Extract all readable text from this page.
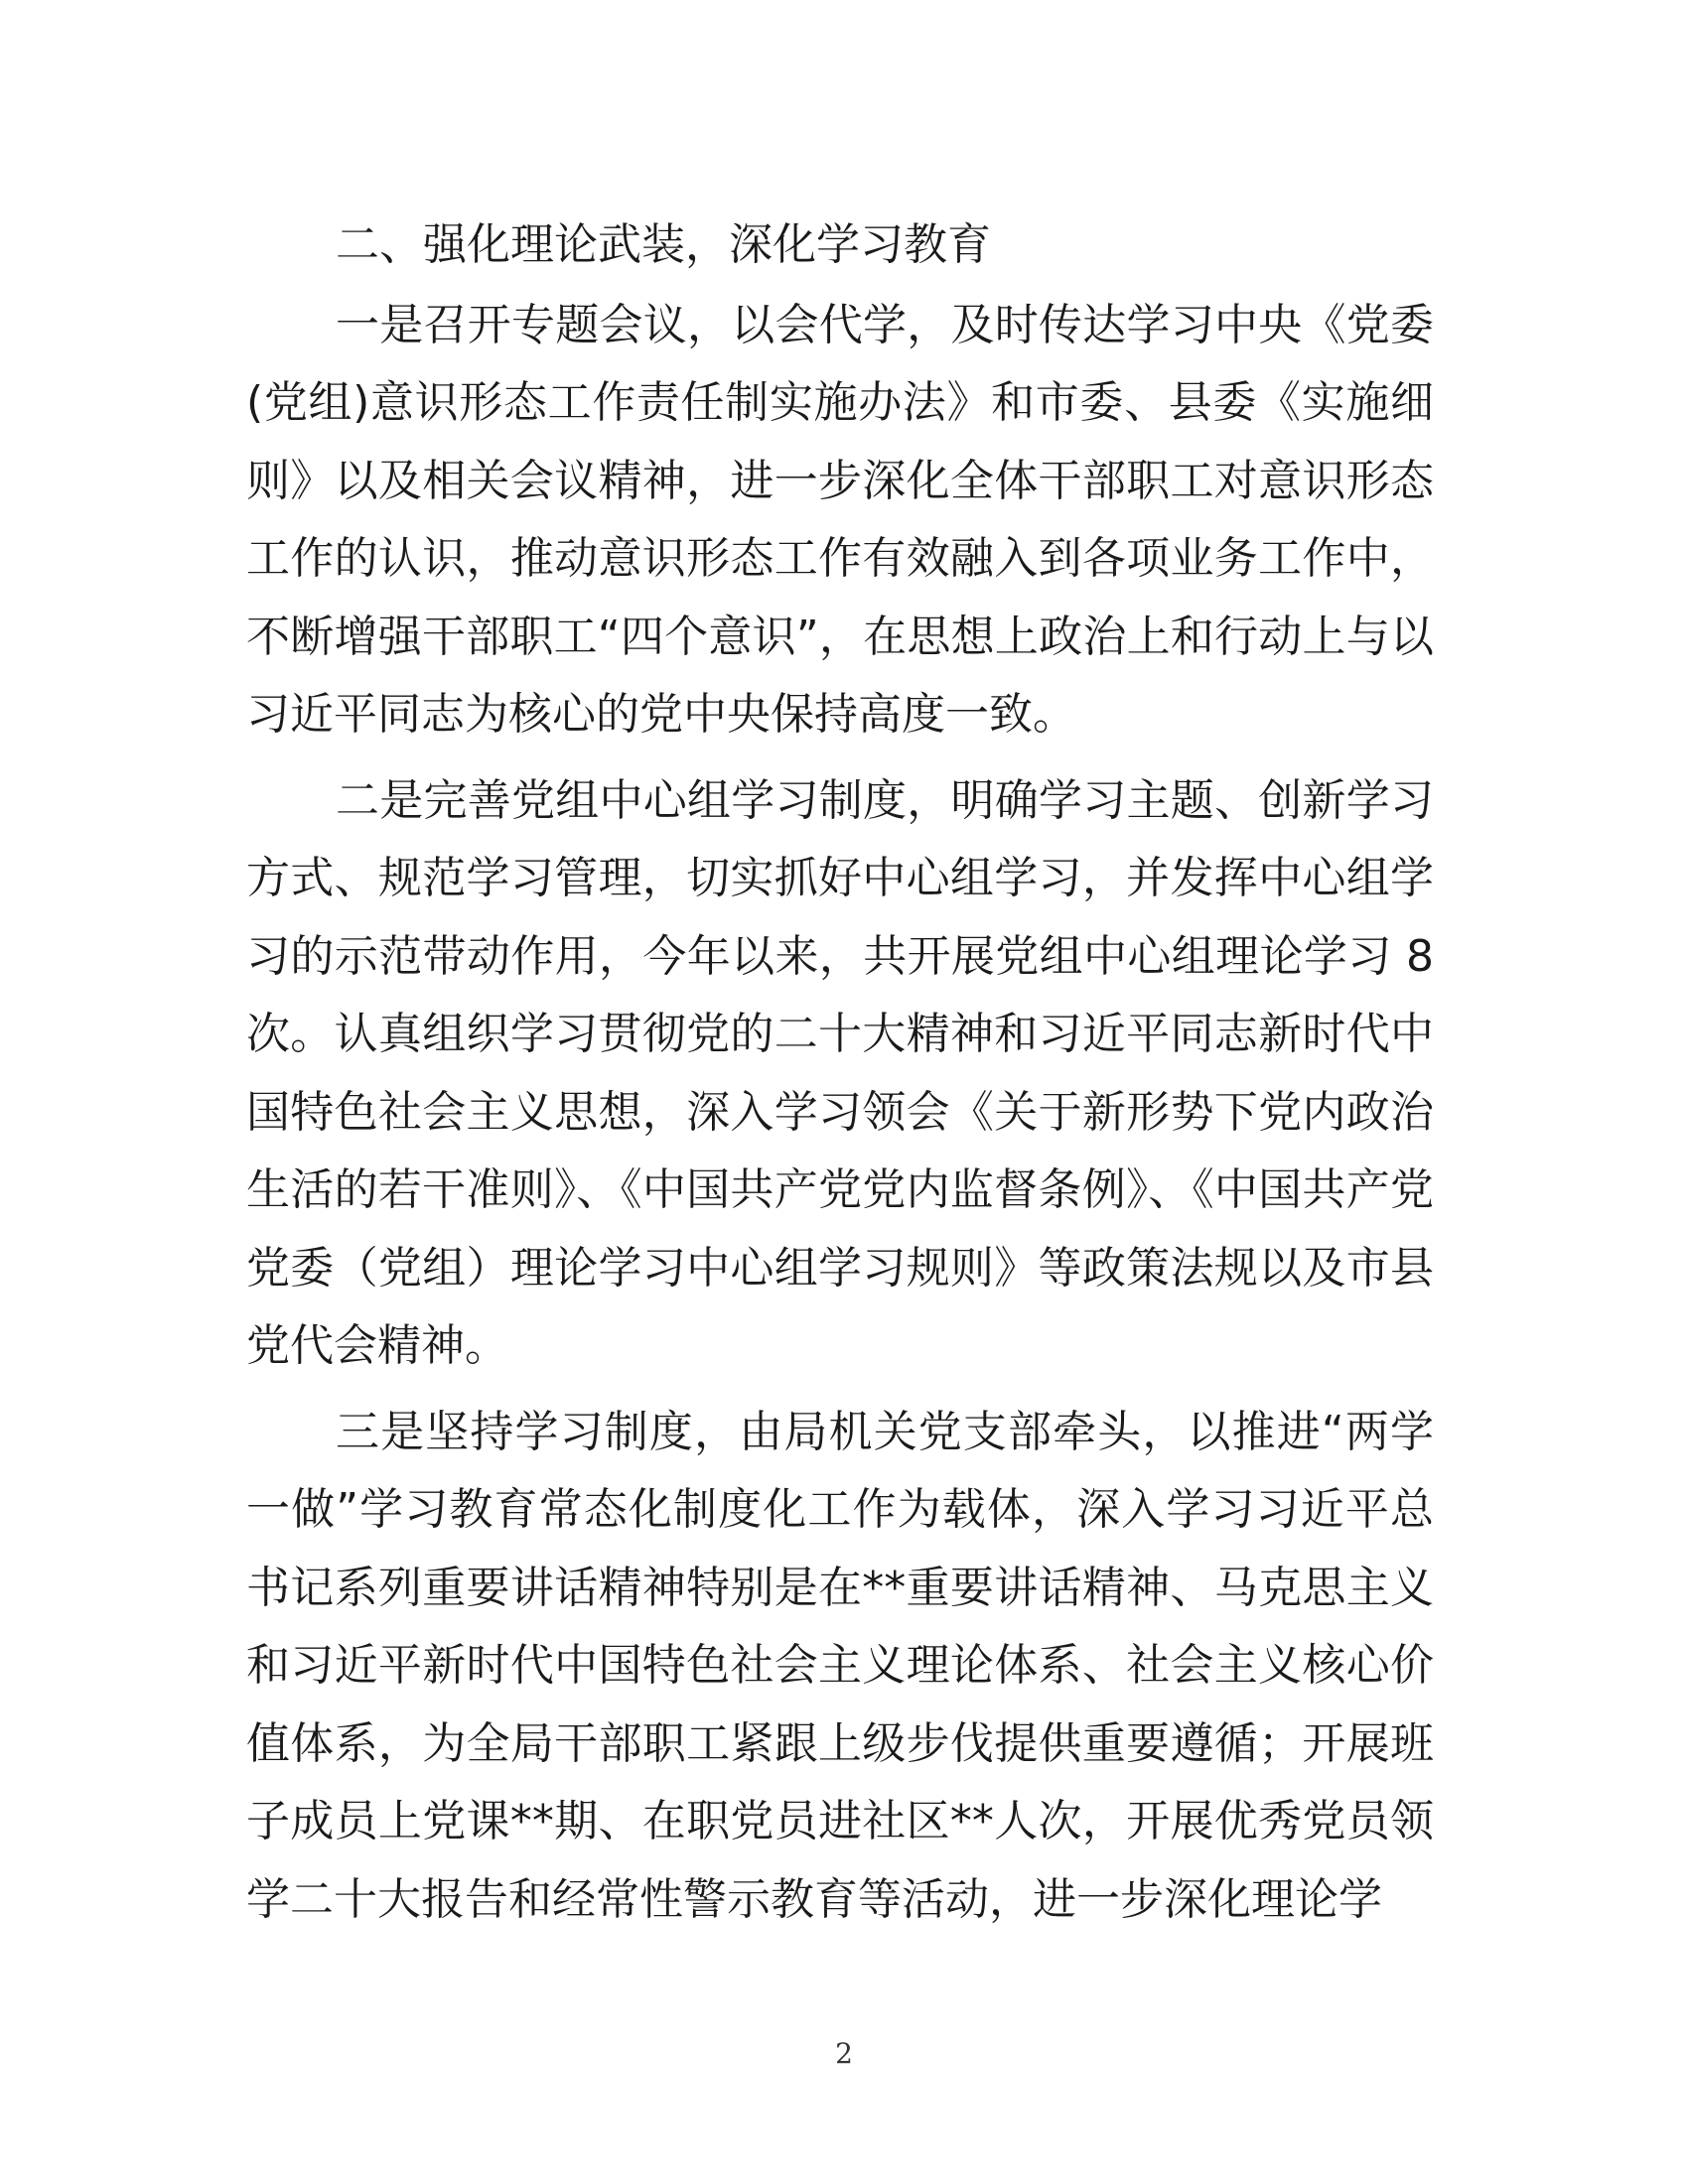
二、强化理论武装，深化学习教育

一是召开专题会议，以会代学，及时传达学习中央《党委(党组)意识形态工作责任制实施办法》和市委、县委《实施细则》以及相关会议精神，进一步深化全体干部职工对意识形态工作的认识，推动意识形态工作有效融入到各项业务工作中，不断增强干部职工“四个意识”，在思想上政治上和行动上与以习近平同志为核心的党中央保持高度一致。

二是完善党组中心组学习制度，明确学习主题、创新学习方式、规范学习管理，切实抓好中心组学习，并发挥中心组学习的示范带动作用，今年以来，共开展党组中心组理论学习 8 次。认真组织学习贯彻党的二十大精神和习近平同志新时代中国特色社会主义思想，深入学习领会《关于新形势下党内政治生活的若干准则》、《中国共产党党内监督条例》、《中国共产党党委（党组）理论学习中心组学习规则》等政策法规以及市县党代会精神。

三是坚持学习制度，由局机关党支部牵头，以推进“两学一做”学习教育常态化制度化工作为载体，深入学习习近平总书记系列重要讲话精神特别是在**重要讲话精神、马克思主义和习近平新时代中国特色社会主义理论体系、社会主义核心价值体系，为全局干部职工紧跟上级步伐提供重要遵循；开展班子成员上党课**期、在职党员进社区**人次，开展优秀党员领学二十大报告和经常性警示教育等活动，进一步深化理论学

2
